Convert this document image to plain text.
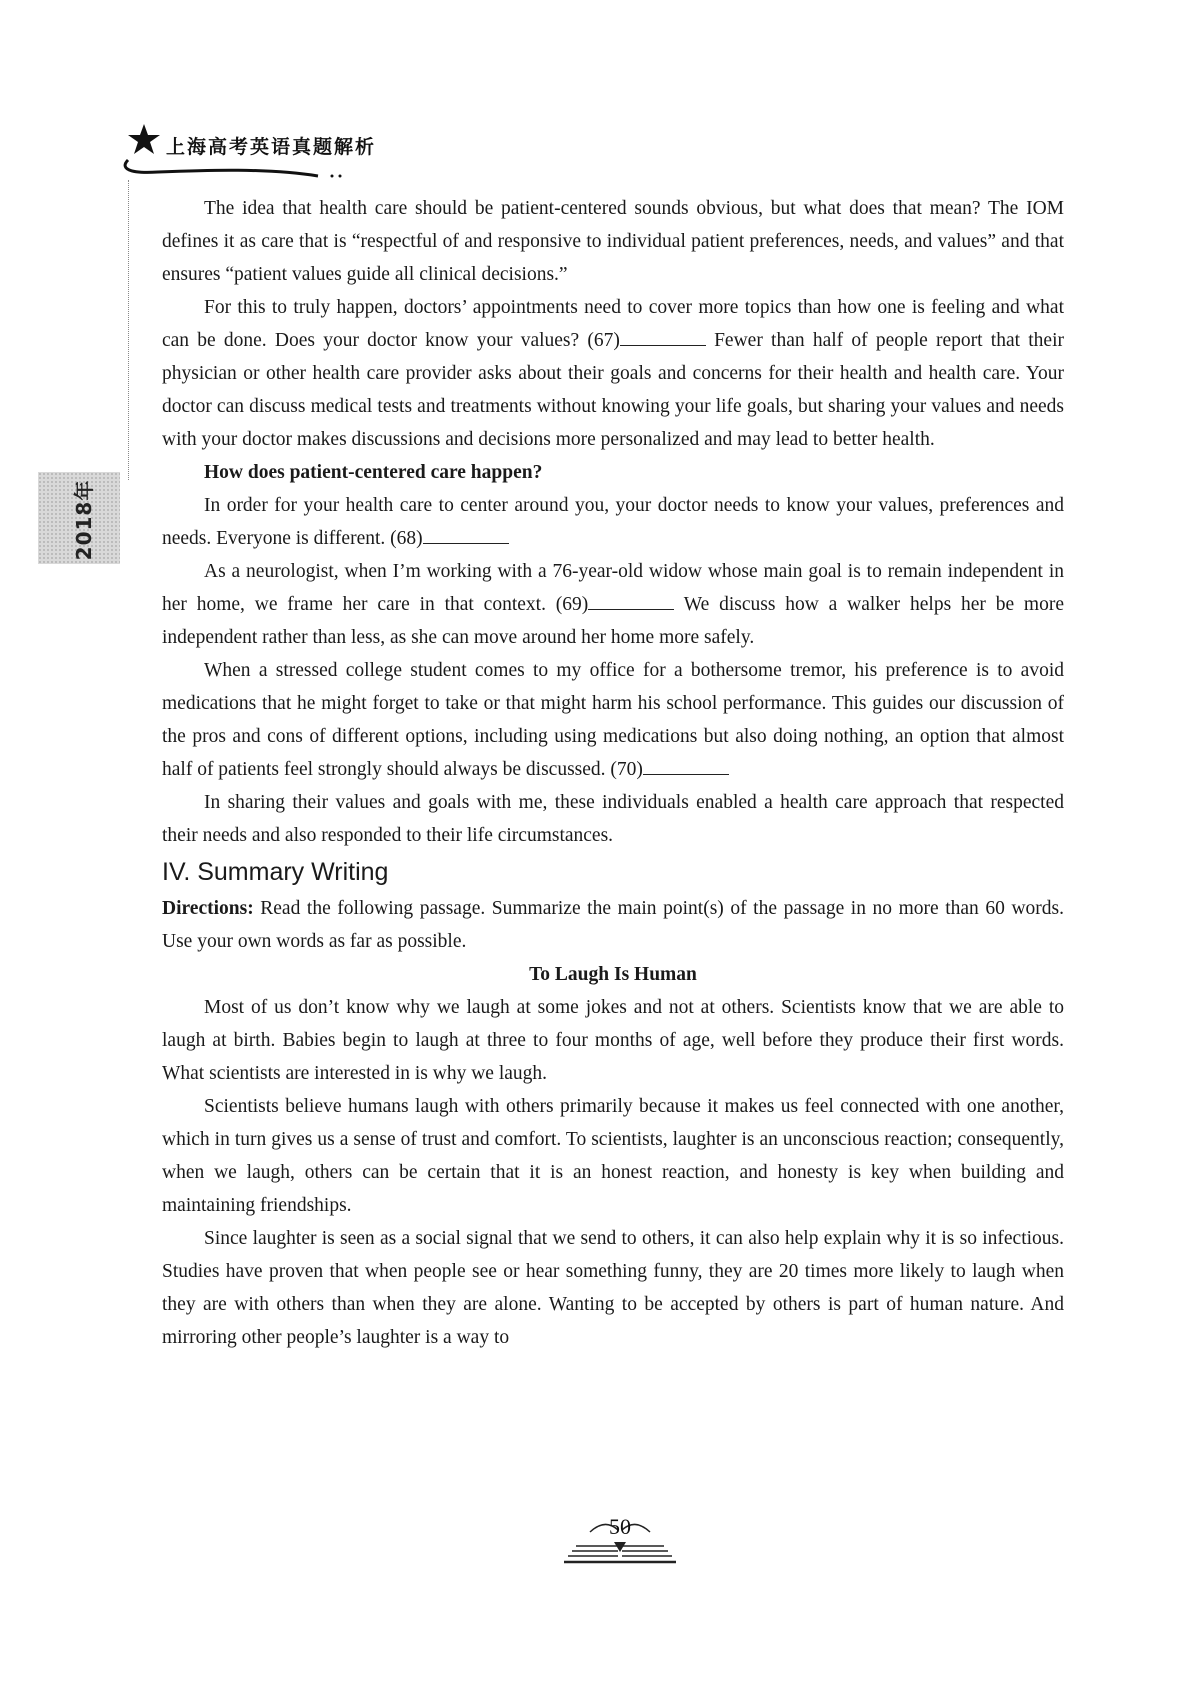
上海高考英语真题解析
2018年

The idea that health care should be patient-centered sounds obvious, but what does that mean? The IOM defines it as care that is “respectful of and responsive to individual patient preferences, needs, and values” and that ensures “patient values guide all clinical decisions.”

For this to truly happen, doctors’ appointments need to cover more topics than how one is feeling and what can be done. Does your doctor know your values? (67)	Fewer than half of people report that their physician or other health care provider asks about their goals and concerns for their health and health care. Your doctor can discuss medical tests and treatments without knowing your life goals, but sharing your values and needs with your doctor makes discussions and decisions more personalized and may lead to better health.

How does patient-centered care happen?

In order for your health care to center around you, your doctor needs to know your values, preferences and needs. Everyone is different. (68)

As a neurologist, when I’m working with a 76-year-old widow whose main goal is to remain independent in her home, we frame her care in that context. (69)	We discuss how a walker helps her be more independent rather than less, as she can move around her home more safely.

When a stressed college student comes to my office for a bothersome tremor, his preference is to avoid medications that he might forget to take or that might harm his school performance. This guides our discussion of the pros and cons of different options, including using medications but also doing nothing, an option that almost half of patients feel strongly should always be discussed. (70)

In sharing their values and goals with me, these individuals enabled a health care approach that respected their needs and also responded to their life circumstances.

IV. Summary Writing

Directions: Read the following passage. Summarize the main point(s) of the passage in no more than 60 words. Use your own words as far as possible.

To Laugh Is Human

Most of us don’t know why we laugh at some jokes and not at others. Scientists know that we are able to laugh at birth. Babies begin to laugh at three to four months of age, well before they produce their first words. What scientists are interested in is why we laugh.

Scientists believe humans laugh with others primarily because it makes us feel connected with one another, which in turn gives us a sense of trust and comfort. To scientists, laughter is an unconscious reaction; consequently, when we laugh, others can be certain that it is an honest reaction, and honesty is key when building and maintaining friendships.

Since laughter is seen as a social signal that we send to others, it can also help explain why it is so infectious. Studies have proven that when people see or hear something funny, they are 20 times more likely to laugh when they are with others than when they are alone. Wanting to be accepted by others is part of human nature. And mirroring other people’s laughter is a way to

50
